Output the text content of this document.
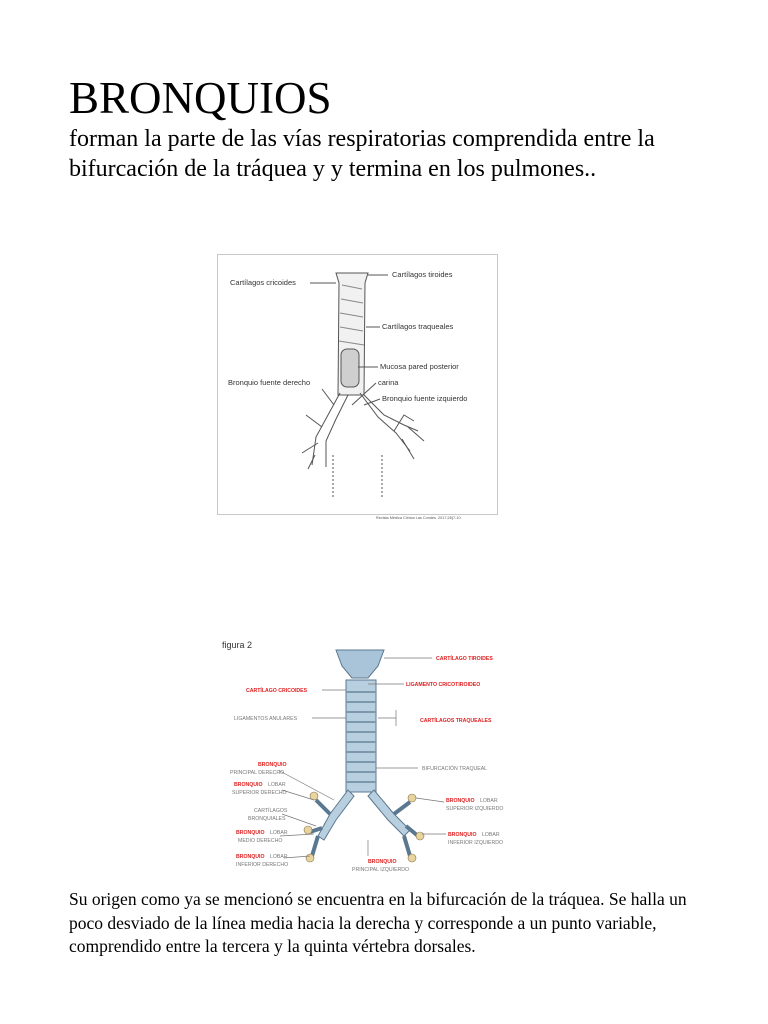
BRONQUIOS

forman la parte de las vías respiratorias comprendida entre la bifurcación de la tráquea y y termina en los pulmones..

Cartílagos cricoides
Cartílagos tiroides
Cartílagos traqueales
Mucosa pared posterior
carina
Bronquio fuente derecho
Bronquio fuente izquierdo
Revista Médica Clínica Las Condes. 2017;28(7-10
figura 2
CARTÍLAGO TIROIDES
LIGAMENTO CRICOTIROIDEO
CARTÍLAGO CRICOIDES
LIGAMENTOS ANULARES	CARTÍLAGOS TRAQUEALES
BIFURCACIÓN TRAQUEAL
BRONQUIO
PRINCIPAL DERECHO
BRONQUIO LOBAR
SUPERIOR DERECHO
CARTÍLAGOS
BRONQUIALES
BRONQUIO LOBAR
MEDIO DERECHO
BRONQUIO LOBAR
INFERIOR DERECHO
BRONQUIO LOBAR
SUPERIOR IZQUIERDO
BRONQUIO LOBAR
INFERIOR IZQUIERDO
BRONQUIO
PRINCIPAL IZQUIERDO

Su origen como ya se mencionó se encuentra en la bifurcación de la tráquea. Se halla un poco desviado de la línea media hacia la derecha y corresponde a un punto variable, comprendido entre la tercera y la quinta vértebra dorsales.
